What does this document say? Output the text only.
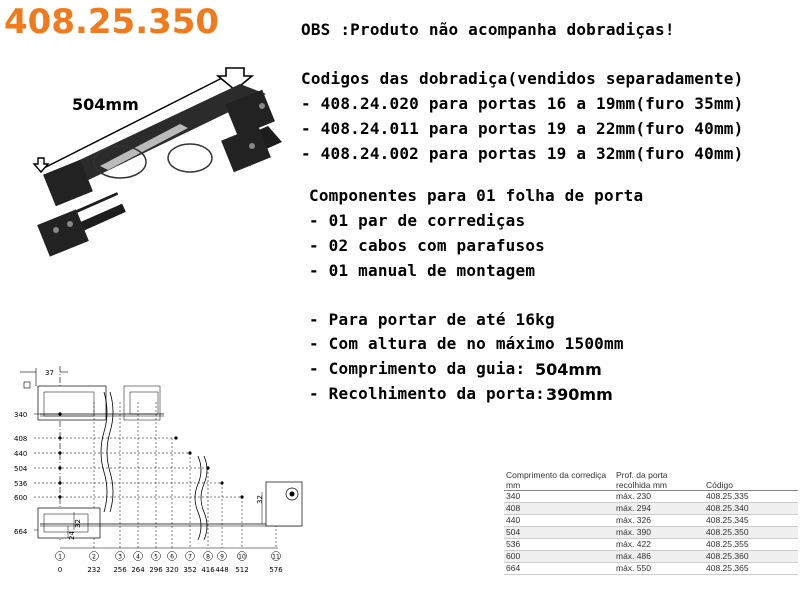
408.25.350
504mm
OBS :Produto não acompanha dobradiças!
Codigos das dobradiça(vendidos separadamente)
- 408.24.020 para portas 16 a 19mm(furo 35mm)
- 408.24.011 para portas 19 a 22mm(furo 40mm)
- 408.24.002 para portas 19 a 32mm(furo 40mm)
Componentes para 01 folha de porta
- 01 par de corrediças
- 02 cabos com parafusos
- 01 manual de montagem
- Para portar de até 16kg
- Com altura de no máximo 1500mm
- Comprimento da guia: 504mm
- Recolhimento da porta: 390mm
37
340
408
440
504
536
600
664
32
32
24
1	2	3 4 5 6 7 8 9 10	11
0	232 256 264 296 320 352 416 448 512	576
Comprimento da corrediça mm	Prof. da porta recolhida mm	Código
340	máx. 230	408.25.335
408	máx. 294	408.25.340
440	máx. 326	408.25.345
504	máx. 390	408.25.350
536	máx. 422	408.25.355
600	máx. 486	408.25.360
664	máx. 550	408.25.365
